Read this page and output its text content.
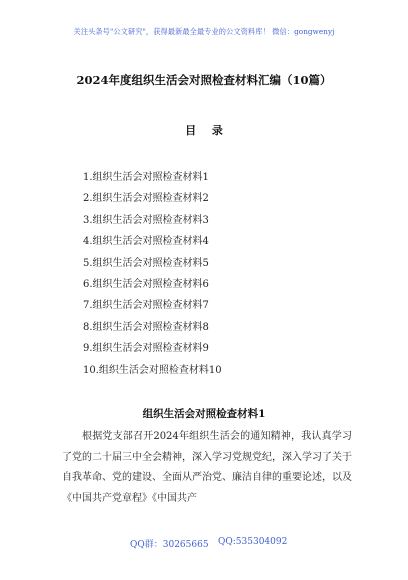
关注头条号"公文研究"，获得最新最全最专业的公文资料库！ 微信：gongwenyj
2024年度组织生活会对照检查材料汇编（10篇）
目 录
1.组织生活会对照检查材料1
2.组织生活会对照检查材料2
3.组织生活会对照检查材料3
4.组织生活会对照检查材料4
5.组织生活会对照检查材料5
6.组织生活会对照检查材料6
7.组织生活会对照检查材料7
8.组织生活会对照检查材料8
9.组织生活会对照检查材料9
10.组织生活会对照检查材料10
组织生活会对照检查材料1

根据党支部召开2024年组织生活会的通知精神，我认真学习了党的二十届三中全会精神，深入学习党规党纪，深入学习了关于自我革命、党的建设、全面从严治党、廉洁自律的重要论述，以及《中国共产党章程》《中国共产

QQ群：30265665 QQ:535304092
